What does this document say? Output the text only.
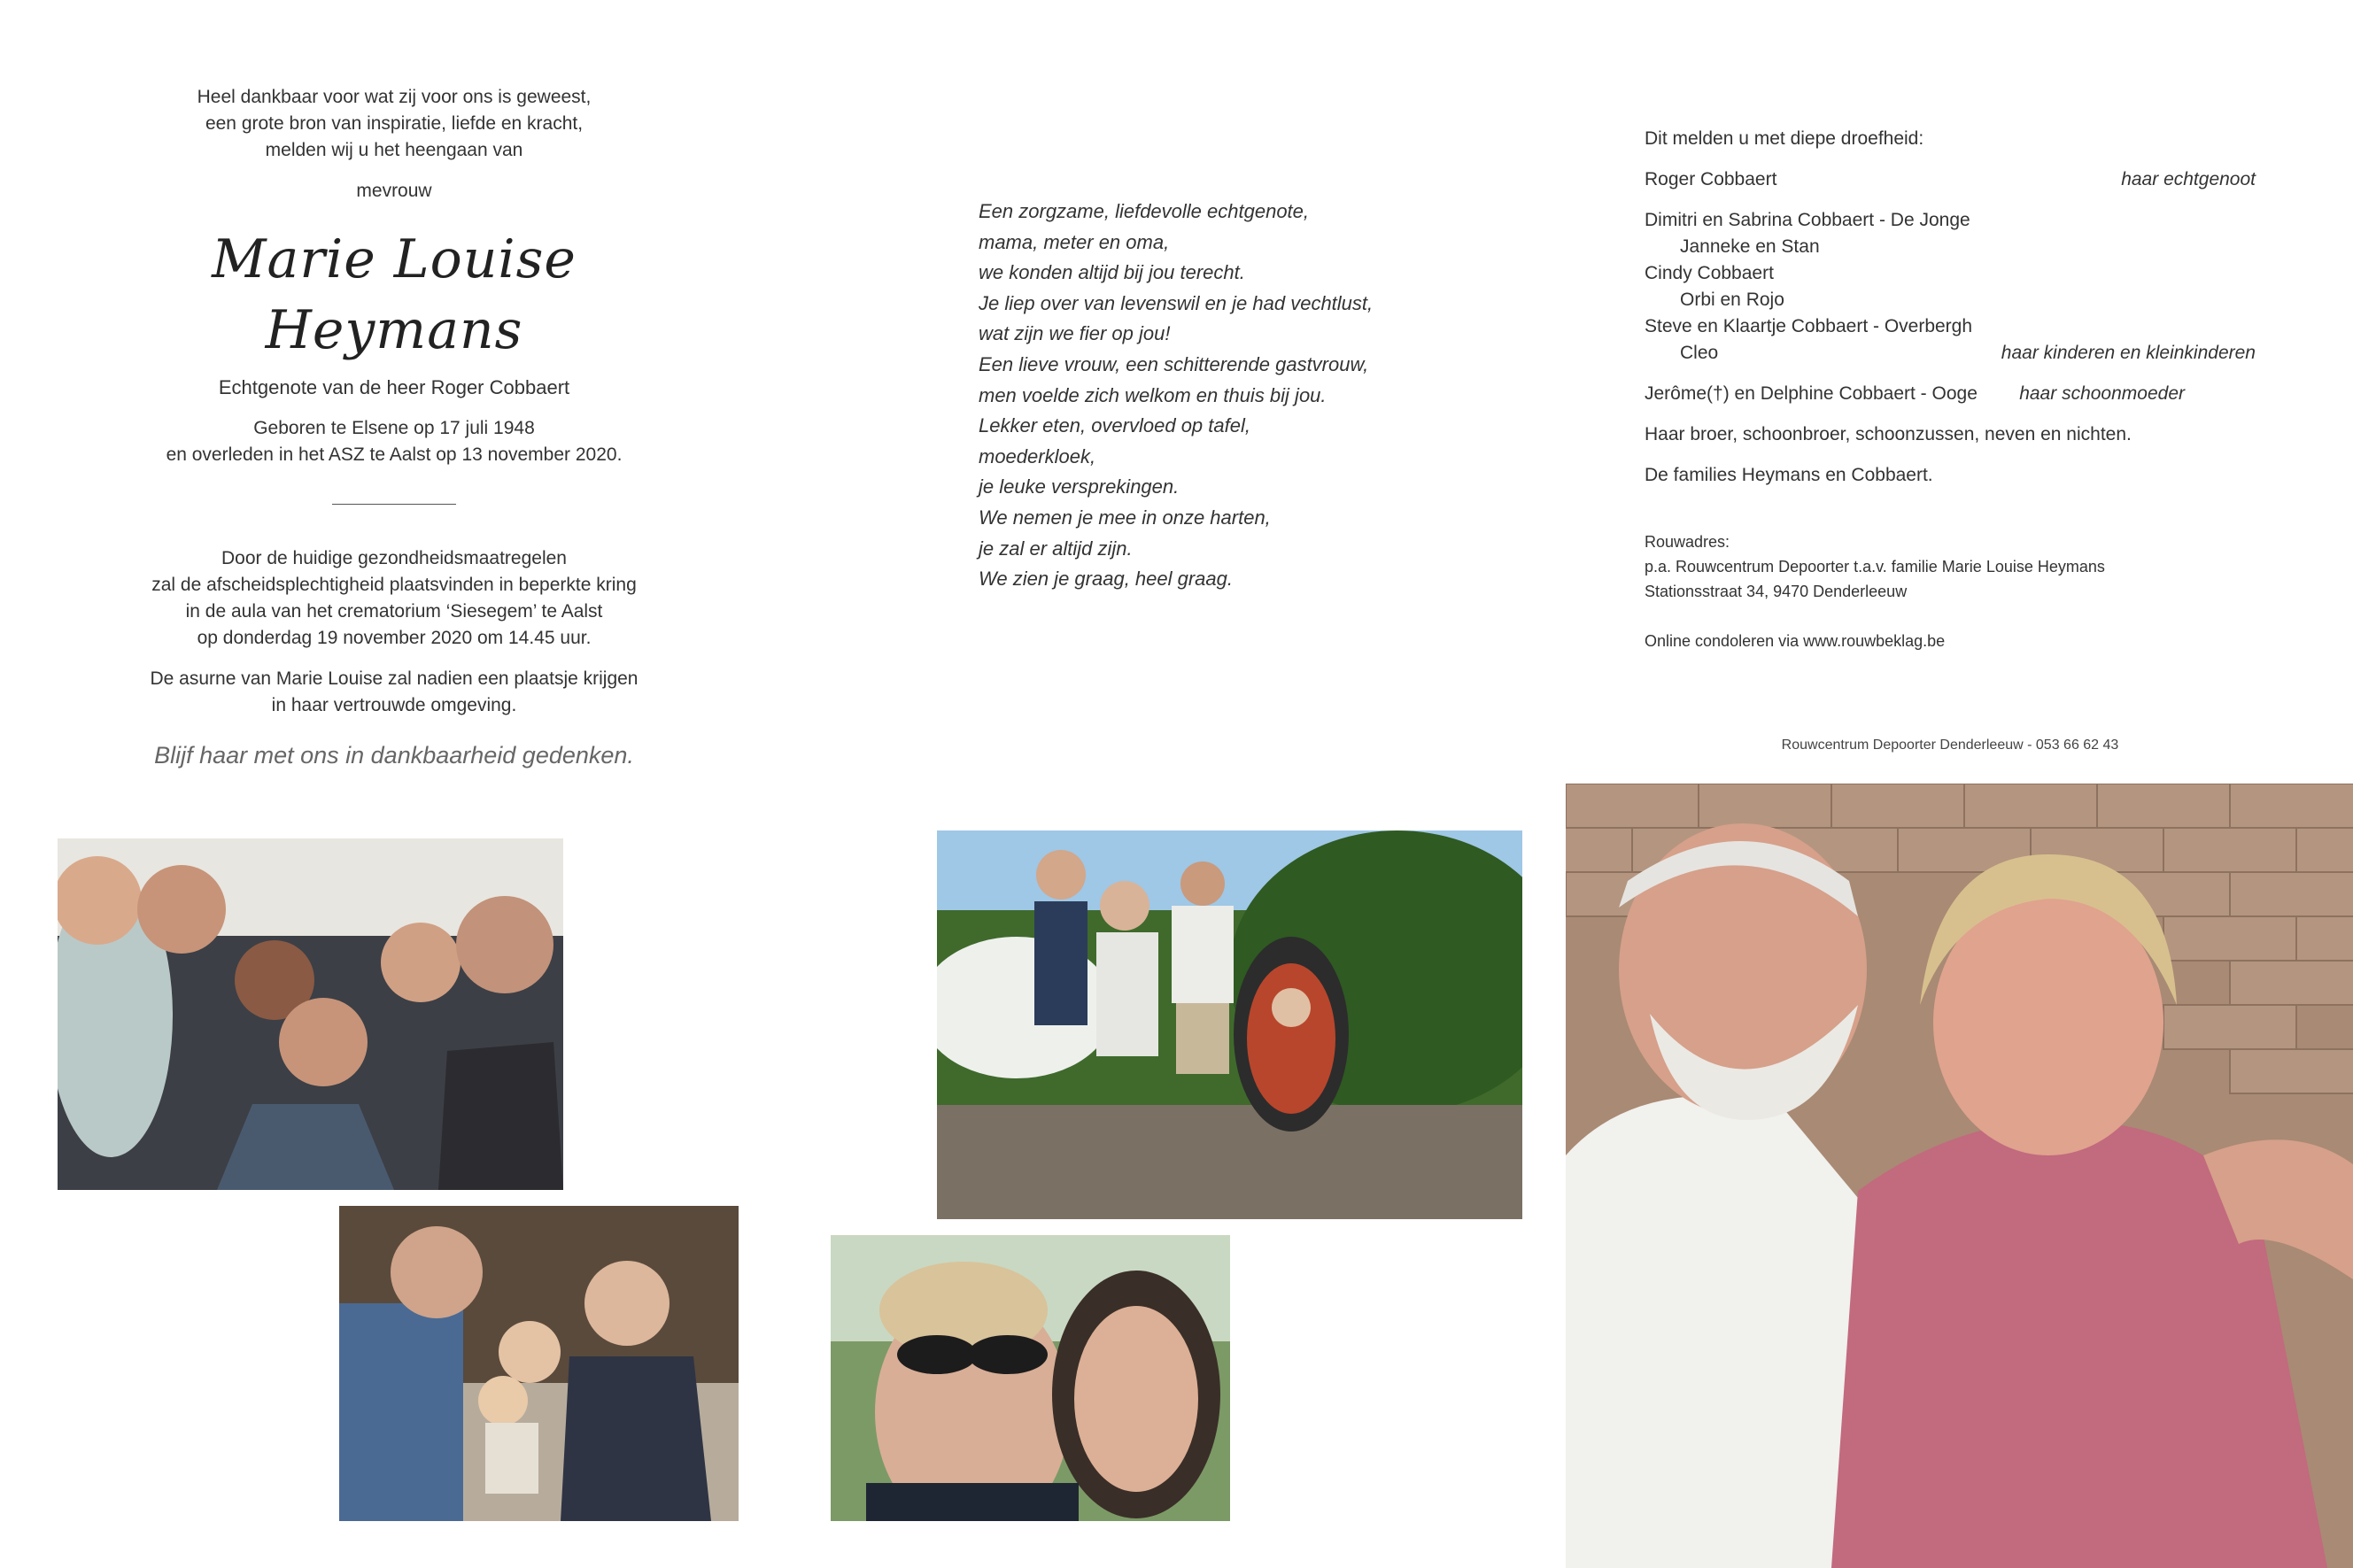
Heel dankbaar voor wat zij voor ons is geweest,

een grote bron van inspiratie, liefde en kracht,

melden wij u het heengaan van

mevrouw

Marie Louise Heymans

Echtgenote van de heer Roger Cobbaert

Geboren te Elsene op 17 juli 1948

en overleden in het ASZ te Aalst op 13 november 2020.

Door de huidige gezondheidsmaatregelen

zal de afscheidsplechtigheid plaatsvinden in beperkte kring

in de aula van het crematorium ‘Siesegem’ te Aalst

op donderdag 19 november 2020 om 14.45 uur.

De asurne van Marie Louise zal nadien een plaatsje krijgen

in haar vertrouwde omgeving.

Blijf haar met ons in dankbaarheid gedenken.

Een zorgzame, liefdevolle echtgenote,
mama, meter en oma,
we konden altijd bij jou terecht.
Je liep over van levenswil en je had vechtlust,
wat zijn we fier op jou!
Een lieve vrouw, een schitterende gastvrouw,
men voelde zich welkom en thuis bij jou.
Lekker eten, overvloed op tafel,
moederkloek,
je leuke versprekingen.
We nemen je mee in onze harten,
je zal er altijd zijn.
We zien je graag, heel graag.
Dit melden u met diepe droefheid:
Roger Cobbaert	haar echtgenoot
Dimitri en Sabrina Cobbaert - De Jonge
Janneke en Stan
Cindy Cobbaert
Orbi en Rojo
Steve en Klaartje Cobbaert - Overbergh
Cleo	haar kinderen en kleinkinderen
Jerôme(†) en Delphine Cobbaert - Ooge haar schoonmoeder
Haar broer, schoonbroer, schoonzussen, neven en nichten.
De families Heymans en Cobbaert.
Rouwadres:
p.a. Rouwcentrum Depoorter t.a.v. familie Marie Louise Heymans
Stationsstraat 34, 9470 Denderleeuw
Online condoleren via www.rouwbeklag.be
Rouwcentrum Depoorter Denderleeuw - 053 66 62 43
